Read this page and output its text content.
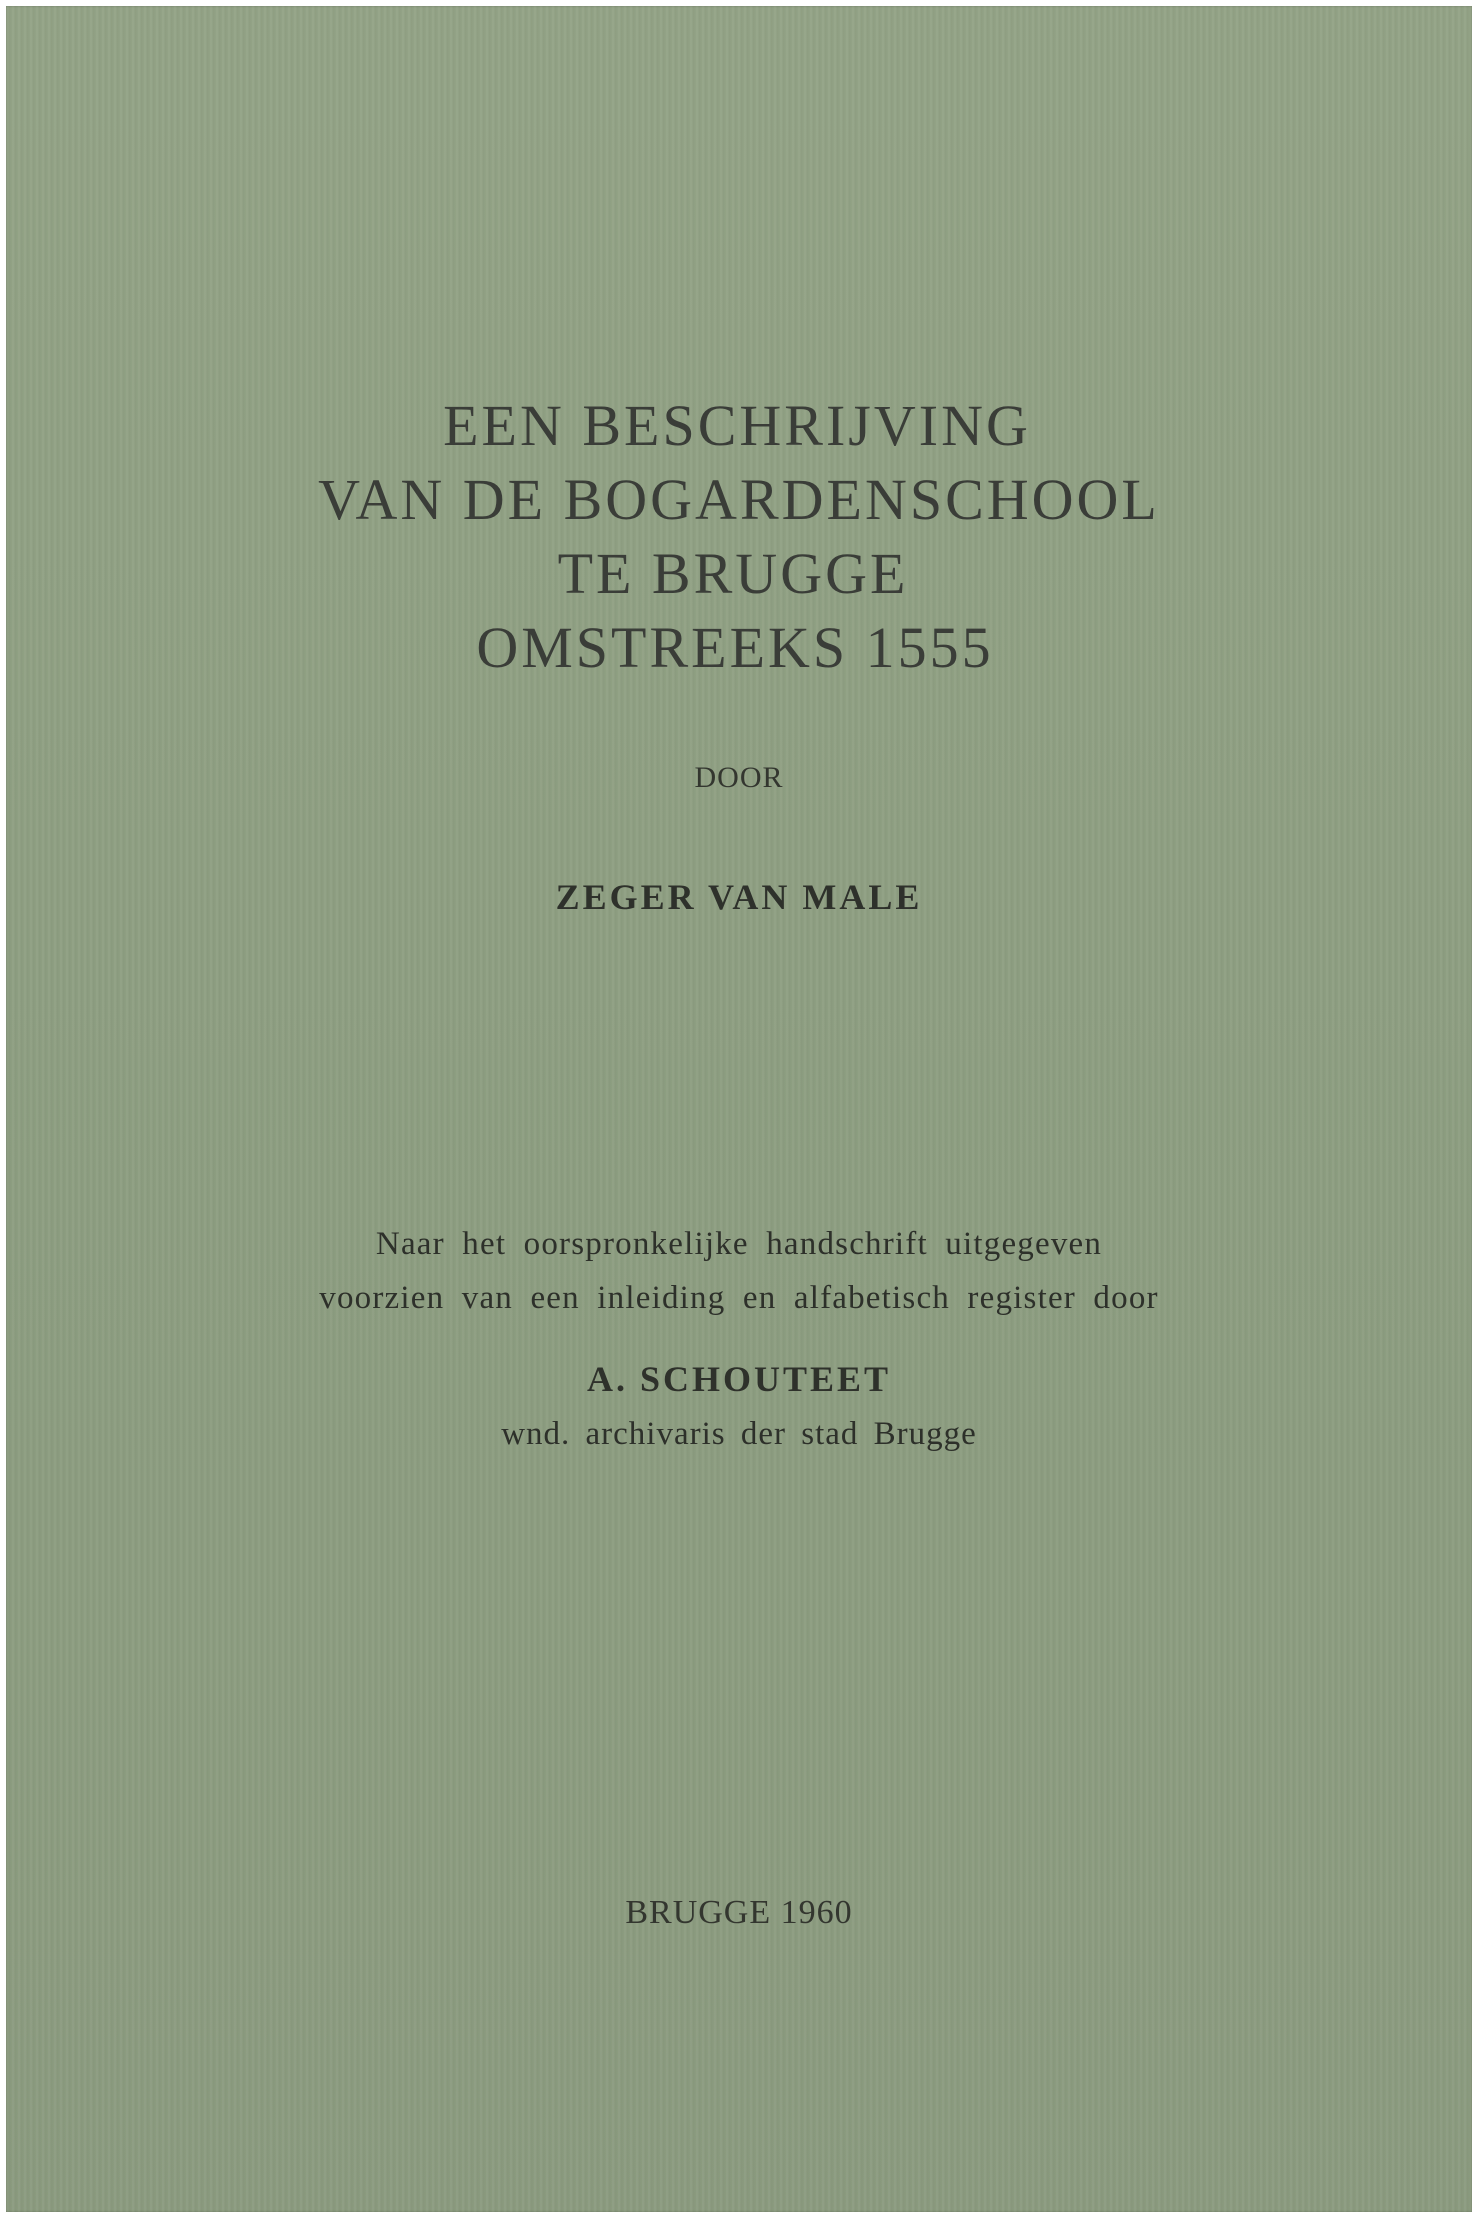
EEN BESCHRIJVING
VAN DE BOGARDENSCHOOL
TE BRUGGE
OMSTREEKS 1555
DOOR
ZEGER VAN MALE
Naar het oorspronkelijke handschrift uitgegeven
voorzien van een inleiding en alfabetisch register door
A. SCHOUTEET
wnd. archivaris der stad Brugge
BRUGGE 1960
